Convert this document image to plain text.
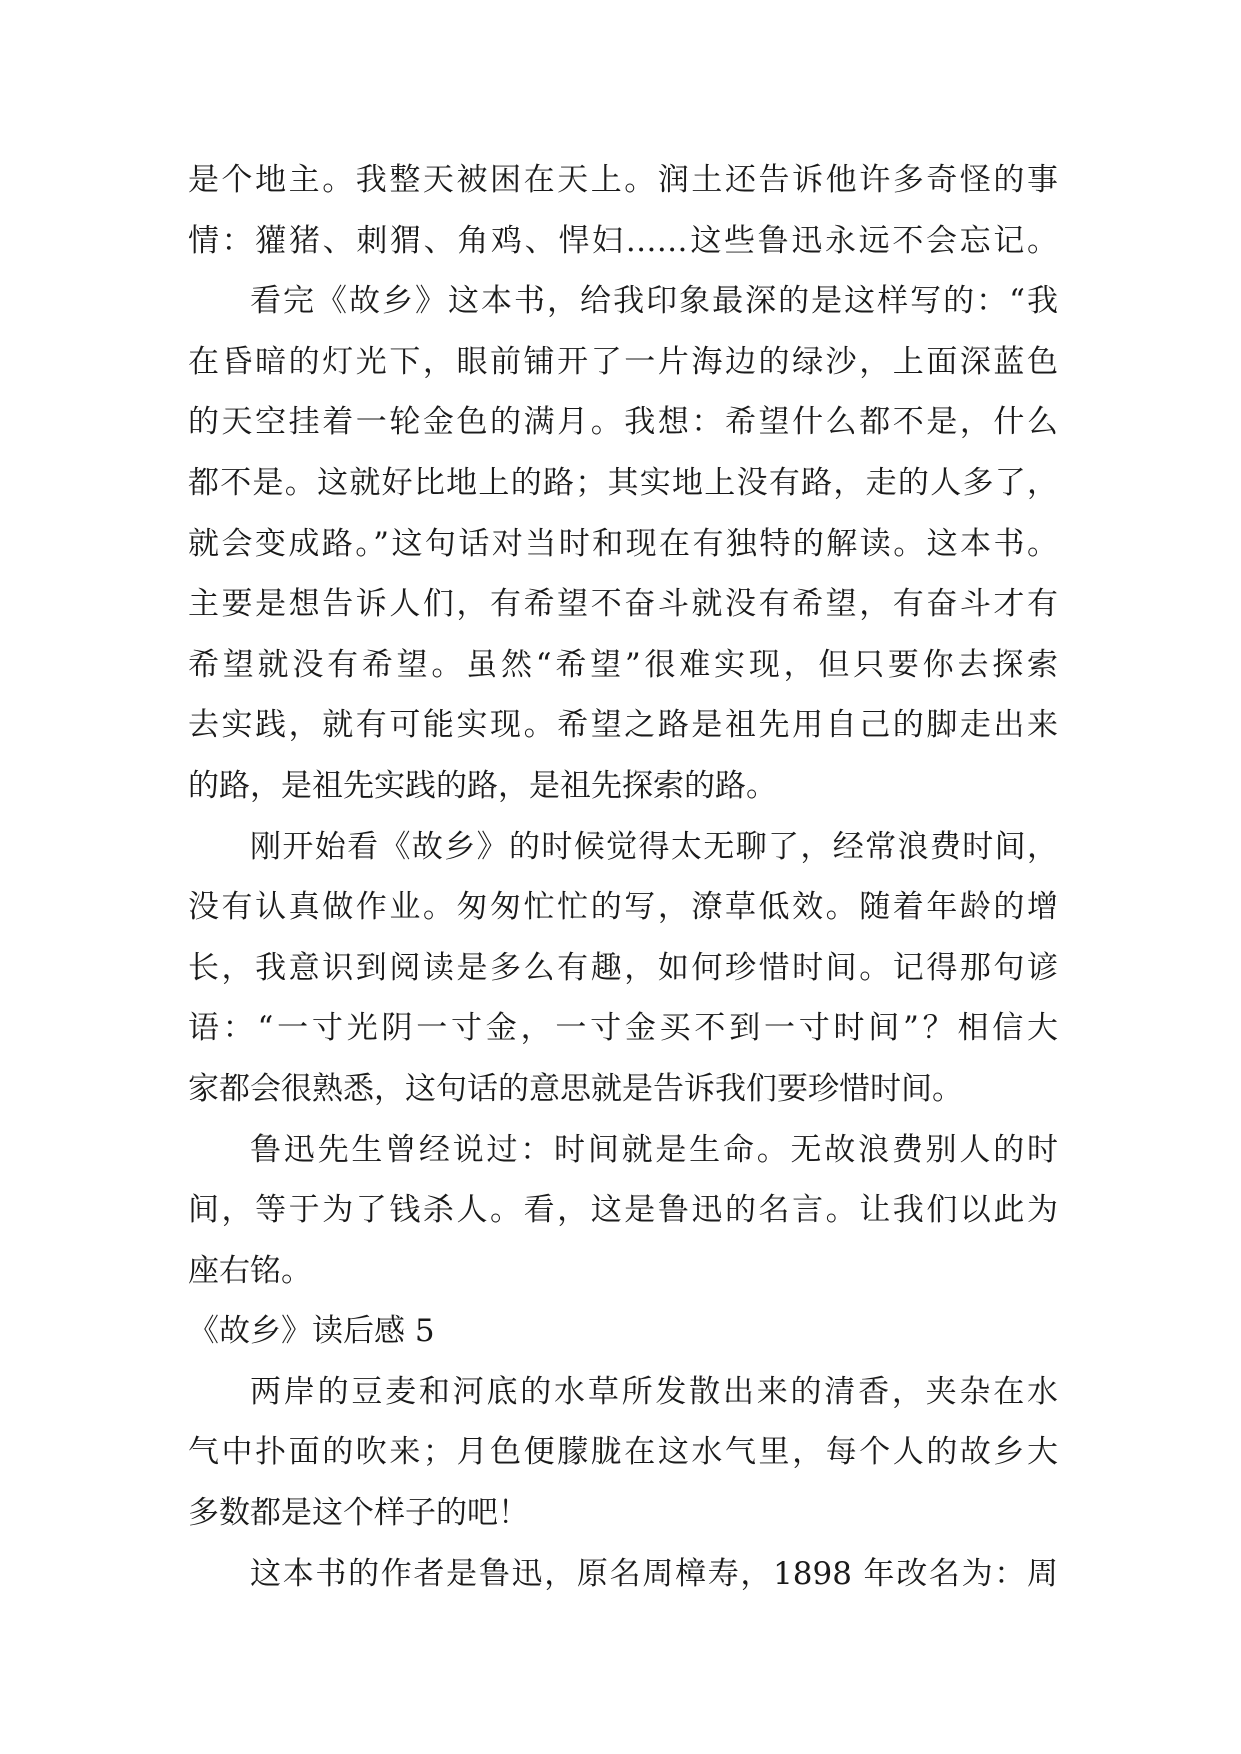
是个地主。我整天被困在天上。润土还告诉他许多奇怪的事
情：獾猪、刺猬、角鸡、悍妇……这些鲁迅永远不会忘记。
看完《故乡》这本书，给我印象最深的是这样写的：“我
在昏暗的灯光下，眼前铺开了一片海边的绿沙，上面深蓝色
的天空挂着一轮金色的满月。我想：希望什么都不是，什么
都不是。这就好比地上的路；其实地上没有路，走的人多了，
就会变成路。”这句话对当时和现在有独特的解读。这本书。
主要是想告诉人们，有希望不奋斗就没有希望，有奋斗才有
希望就没有希望。虽然“希望”很难实现，但只要你去探索
去实践，就有可能实现。希望之路是祖先用自己的脚走出来
的路，是祖先实践的路，是祖先探索的路。
刚开始看《故乡》的时候觉得太无聊了，经常浪费时间，
没有认真做作业。匆匆忙忙的写，潦草低效。随着年龄的增
长，我意识到阅读是多么有趣，如何珍惜时间。记得那句谚
语：“一寸光阴一寸金，一寸金买不到一寸时间”？相信大
家都会很熟悉，这句话的意思就是告诉我们要珍惜时间。
鲁迅先生曾经说过：时间就是生命。无故浪费别人的时
间，等于为了钱杀人。看，这是鲁迅的名言。让我们以此为
座右铭。
《故乡》读后感 5
两岸的豆麦和河底的水草所发散出来的清香，夹杂在水
气中扑面的吹来；月色便朦胧在这水气里，每个人的故乡大
多数都是这个样子的吧！
这本书的作者是鲁迅，原名周樟寿，1898 年改名为：周
